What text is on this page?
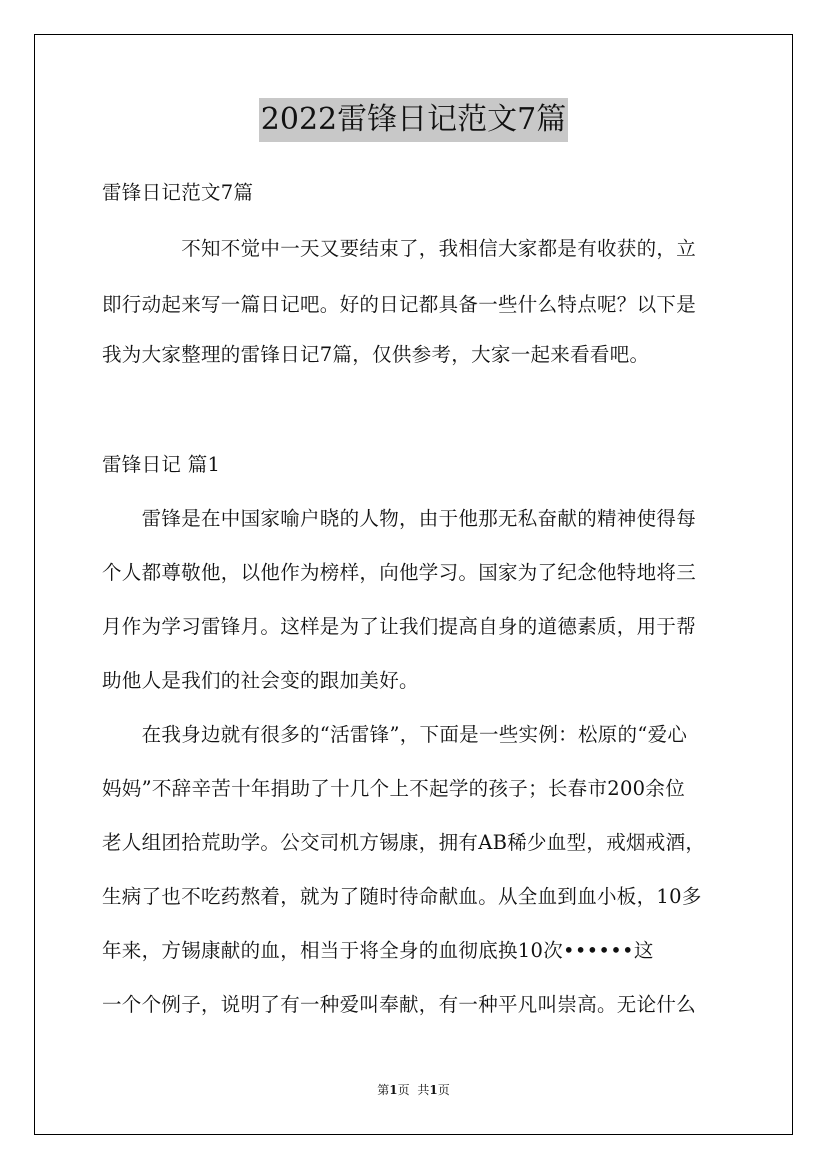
2022雷锋日记范文7篇
雷锋日记范文7篇
　　　　不知不觉中一天又要结束了，我相信大家都是有收获的，立
即行动起来写一篇日记吧。好的日记都具备一些什么特点呢？以下是
我为大家整理的雷锋日记7篇，仅供参考，大家一起来看看吧。
雷锋日记 篇1
　　雷锋是在中国家喻户晓的人物，由于他那无私奋献的精神使得每
个人都尊敬他，以他作为榜样，向他学习。国家为了纪念他特地将三
月作为学习雷锋月。这样是为了让我们提高自身的道德素质，用于帮
助他人是我们的社会变的跟加美好。
　　在我身边就有很多的“活雷锋”，下面是一些实例：松原的“爱心
妈妈”不辞辛苦十年捐助了十几个上不起学的孩子；长春市200余位
老人组团拾荒助学。公交司机方锡康，拥有AB稀少血型，戒烟戒酒，
生病了也不吃药熬着，就为了随时待命献血。从全血到血小板，10多
年来，方锡康献的血，相当于将全身的血彻底换10次••••••这
一个个例子，说明了有一种爱叫奉献，有一种平凡叫崇高。无论什么
第1页 共1页
